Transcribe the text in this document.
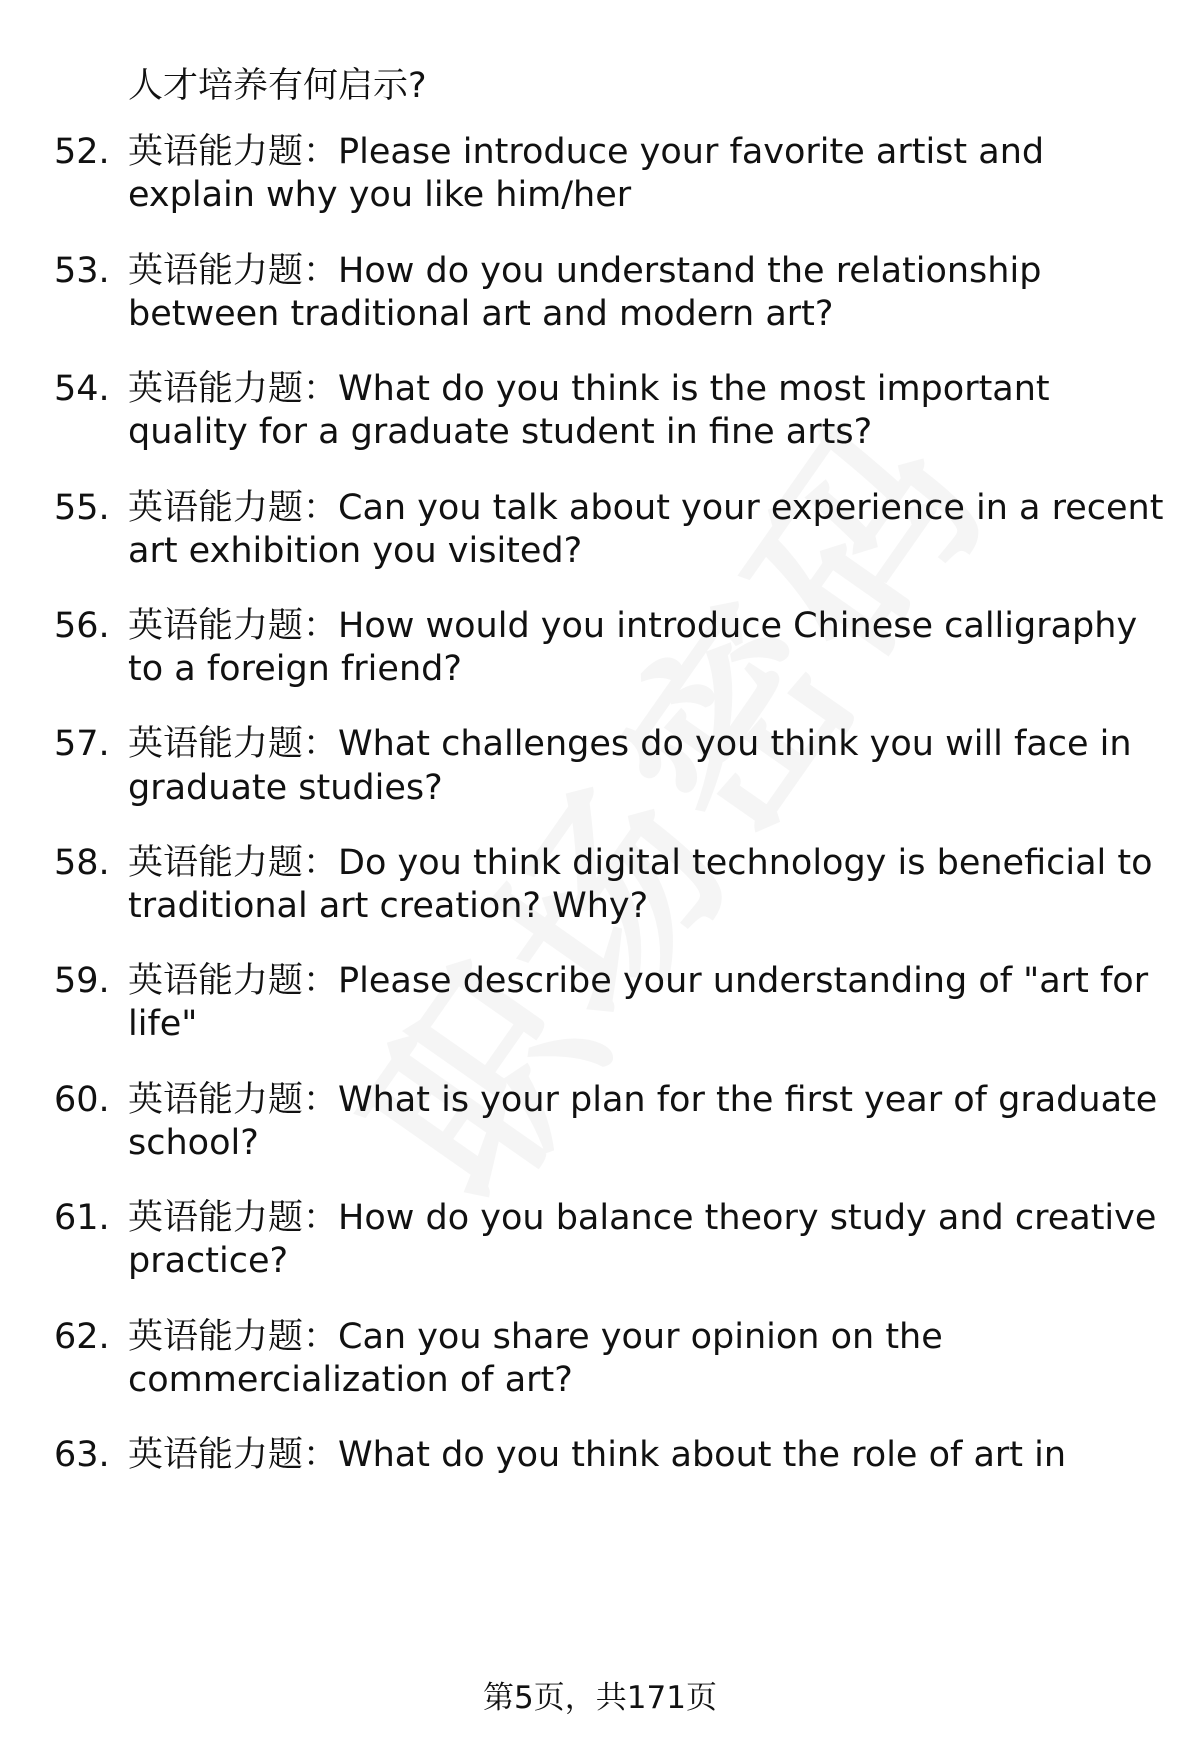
人才培养有何启示?
52. 英语能力题：Please introduce your favorite artist and
explain why you like him/her
53. 英语能力题：How do you understand the relationship
between traditional art and modern art?
54. 英语能力题：What do you think is the most important
quality for a graduate student in fine arts?
55. 英语能力题：Can you talk about your experience in a recent
art exhibition you visited?
56. 英语能力题：How would you introduce Chinese calligraphy
to a foreign friend?
57. 英语能力题：What challenges do you think you will face in
graduate studies?
58. 英语能力题：Do you think digital technology is beneficial to
traditional art creation? Why?
59. 英语能力题：Please describe your understanding of "art for
life"
60. 英语能力题：What is your plan for the first year of graduate
school?
61. 英语能力题：How do you balance theory study and creative
practice?
62. 英语能力题：Can you share your opinion on the
commercialization of art?
63. 英语能力题：What do you think about the role of art in
第5页，共171页
